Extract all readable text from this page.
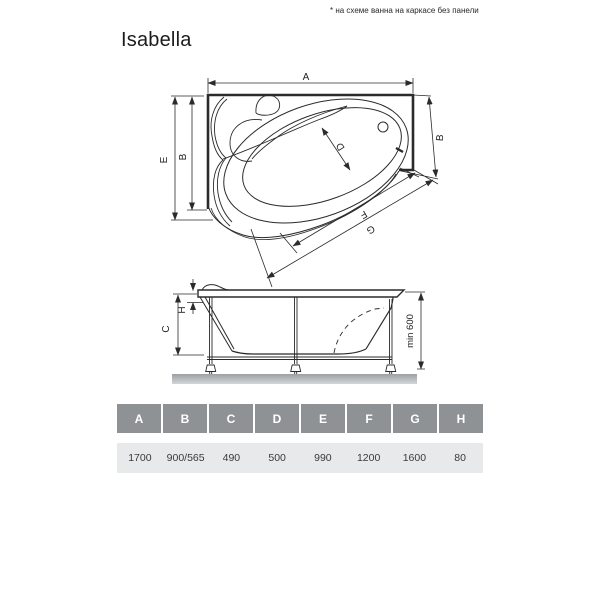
Isabella
* на схеме ванна на каркасе без панели
A
E B
B
D
F
G
C
H
min 600
A	B	C	D	E	F	G	H
1700	900/565	490	500	990	1200	1600	80
